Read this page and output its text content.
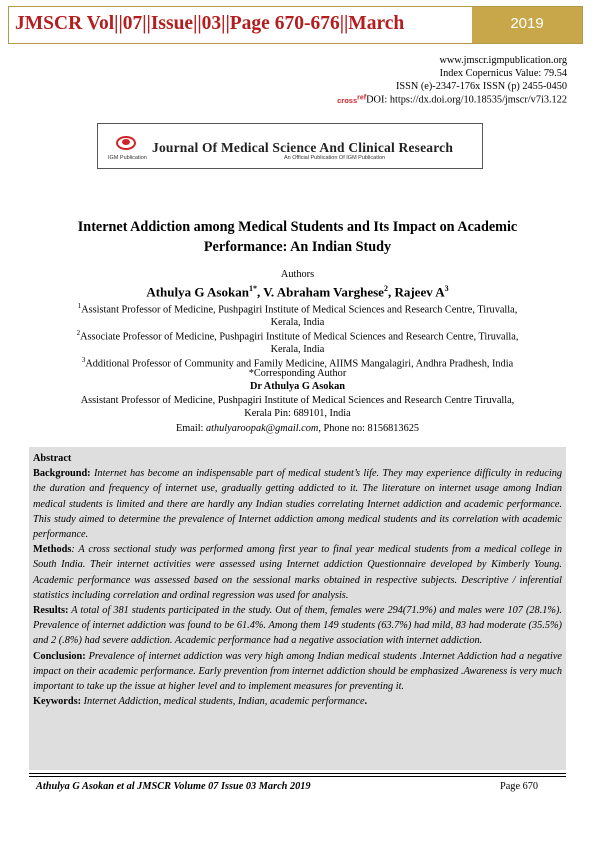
JMSCR Vol||07||Issue||03||Page 670-676||March	2019
www.jmscr.igmpublication.org
Index Copernicus Value: 79.54
ISSN (e)-2347-176x ISSN (p) 2455-0450
cross$^{ref}$DOI: https://dx.doi.org/10.18535/jmscr/v7i3.122
Journal Of Medical Science And Clinical Research
IGM Publication	An Official Publication Of IGM Publication
Internet Addiction among Medical Students and Its Impact on Academic
Performance: An Indian Study
Authors
Athulya G Asokan$^{1*}$, V. Abraham Varghese$^2$, Rajeev $A^3$
$^1$Assistant Professor of Medicine, Pushpagiri Institute of Medical Sciences and Research Centre, Tiruvalla,
Kerala, India
$^2$Associate Professor of Medicine, Pushpagiri Institute of Medical Sciences and Research Centre, Tiruvalla,
Kerala, India
$^3$Additional Professor of Community and Family Medicine, AIIMS Mangalagiri, Andhra Pradhesh, India
*Corresponding Author
Dr Athulya G Asokan
Assistant Professor of Medicine, Pushpagiri Institute of Medical Sciences and Research Centre Tiruvalla,
Kerala Pin: 689101, India
Email: athulyaroopak@gmail.com, Phone no: 8156813625

Abstract

Background: Internet has become an indispensable part of medical student’s life. They may experience difficulty in reducing the duration and frequency of internet use, gradually getting addicted to it. The literature on internet usage among Indian medical students is limited and there are hardly any Indian studies correlating Internet addiction and academic performance. This study aimed to determine the prevalence of Internet addiction among medical students and its correlation with academic performance.

Methods: A cross sectional study was performed among first year to final year medical students from a medical college in South India. Their internet activities were assessed using Internet addiction Questionnaire developed by Kimberly Young. Academic performance was assessed based on the sessional marks obtained in respective subjects. Descriptive / inferential statistics including correlation and ordinal regression was used for analysis.

Results: A total of 381 students participated in the study. Out of them, females were 294(71.9%) and males were 107 (28.1%). Prevalence of internet addiction was found to be 61.4%. Among them 149 students (63.7%) had mild, 83 had moderate (35.5%) and 2 (.8%) had severe addiction. Academic performance had a negative association with internet addiction.

Conclusion: Prevalence of internet addiction was very high among Indian medical students .Internet Addiction had a negative impact on their academic performance. Early prevention from internet addiction should be emphasized .Awareness is very much important to take up the issue at higher level and to implement measures for preventing it.

Keywords: Internet Addiction, medical students, Indian, academic performance.

Athulya G Asokan et al JMSCR Volume 07 Issue 03 March 2019	Page 670
